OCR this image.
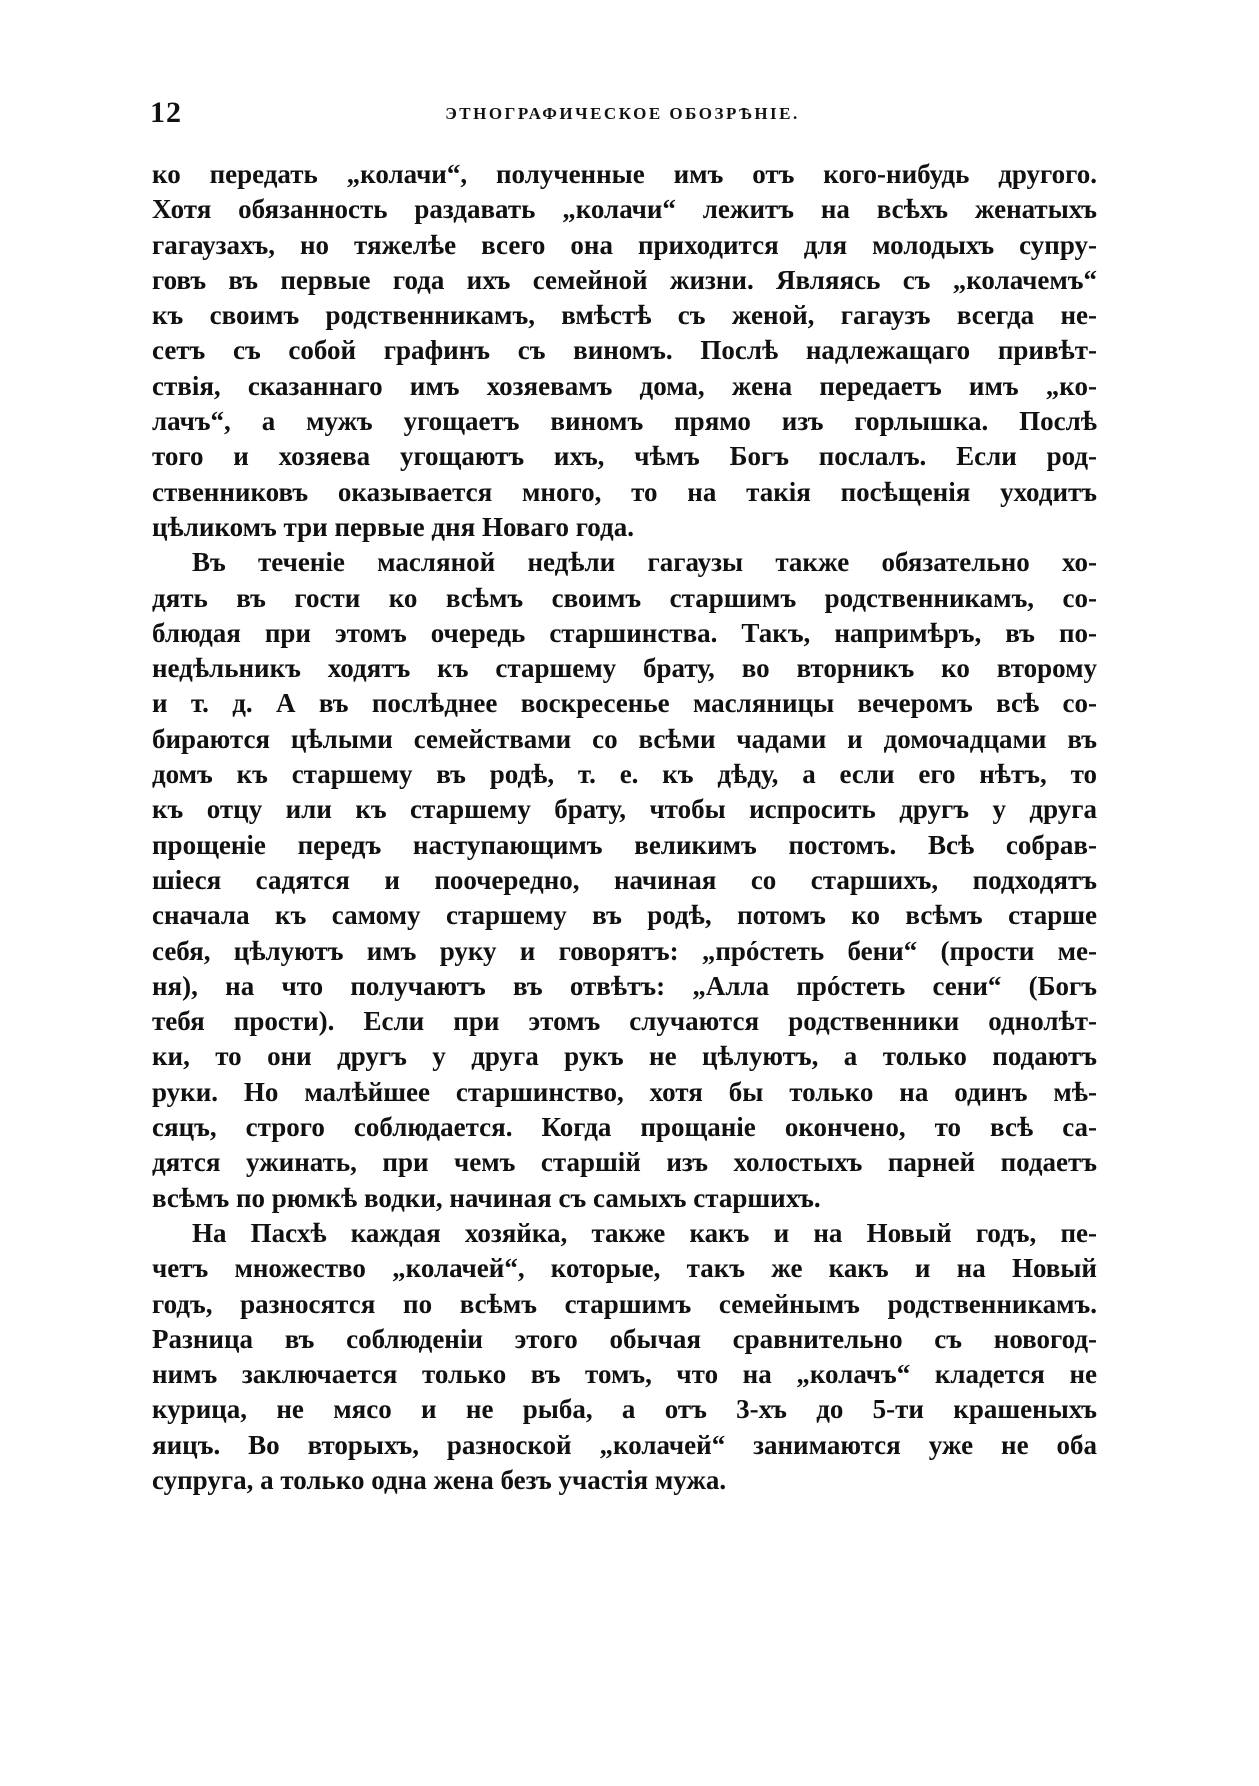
12	ЭТНОГРАФИЧЕСКОЕ ОБОЗРѢНІЕ.
ко передать „колачи“, полученные имъ отъ кого-нибудь другого.
Хотя обязанность раздавать „колачи“ лежитъ на всѣхъ женатыхъ
гагаузахъ, но тяжелѣе всего она приходится для молодыхъ супру-
говъ въ первые года ихъ семейной жизни. Являясь съ „колачемъ“
къ своимъ родственникамъ, вмѣстѣ съ женой, гагаузъ всегда не-
сетъ съ собой графинъ съ виномъ. Послѣ надлежащаго привѣт-
ствія, сказаннаго имъ хозяевамъ дома, жена передаетъ имъ „ко-
лачъ“, а мужъ угощаетъ виномъ прямо изъ горлышка. Послѣ
того и хозяева угощаютъ ихъ, чѣмъ Богъ послалъ. Если род-
ственниковъ оказывается много, то на такія посѣщенія уходитъ
цѣликомъ три первые дня Новаго года.
Въ теченіе масляной недѣли гагаузы также обязательно хо-
дять въ гости ко всѣмъ своимъ старшимъ родственникамъ, со-
блюдая при этомъ очередь старшинства. Такъ, напримѣръ, въ по-
недѣльникъ ходятъ къ старшему брату, во вторникъ ко второму
и т. д. А въ послѣднее воскресенье масляницы вечеромъ всѣ со-
бираются цѣлыми семействами со всѣми чадами и домочадцами въ
домъ къ старшему въ родѣ, т. е. къ дѣду, а если его нѣтъ, то
къ отцу или къ старшему брату, чтобы испросить другъ у друга
прощеніе передъ наступающимъ великимъ постомъ. Всѣ собрав-
шіеся садятся и поочередно, начиная со старшихъ, подходятъ
сначала къ самому старшему въ родѣ, потомъ ко всѣмъ старше
себя, цѣлуютъ имъ руку и говорятъ: „прóстеть бени“ (прости ме-
ня), на что получаютъ въ отвѣтъ: „Алла прóстеть сени“ (Богъ
тебя прости). Если при этомъ случаются родственники однолѣт-
ки, то они другъ у друга рукъ не цѣлуютъ, а только подаютъ
руки. Но малѣйшее старшинство, хотя бы только на одинъ мѣ-
сяцъ, строго соблюдается. Когда прощаніе окончено, то всѣ са-
дятся ужинать, при чемъ старшій изъ холостыхъ парней подаетъ
всѣмъ по рюмкѣ водки, начиная съ самыхъ старшихъ.
На Пасхѣ каждая хозяйка, также какъ и на Новый годъ, пе-
четъ множество „колачей“, которые, такъ же какъ и на Новый
годъ, разносятся по всѣмъ старшимъ семейнымъ родственникамъ.
Разница въ соблюденіи этого обычая сравнительно съ новогод-
нимъ заключается только въ томъ, что на „колачъ“ кладется не
курица, не мясо и не рыба, а отъ 3-хъ до 5-ти крашеныхъ
яицъ. Во вторыхъ, разноской „колачей“ занимаются уже не оба
супруга, а только одна жена безъ участія мужа.
